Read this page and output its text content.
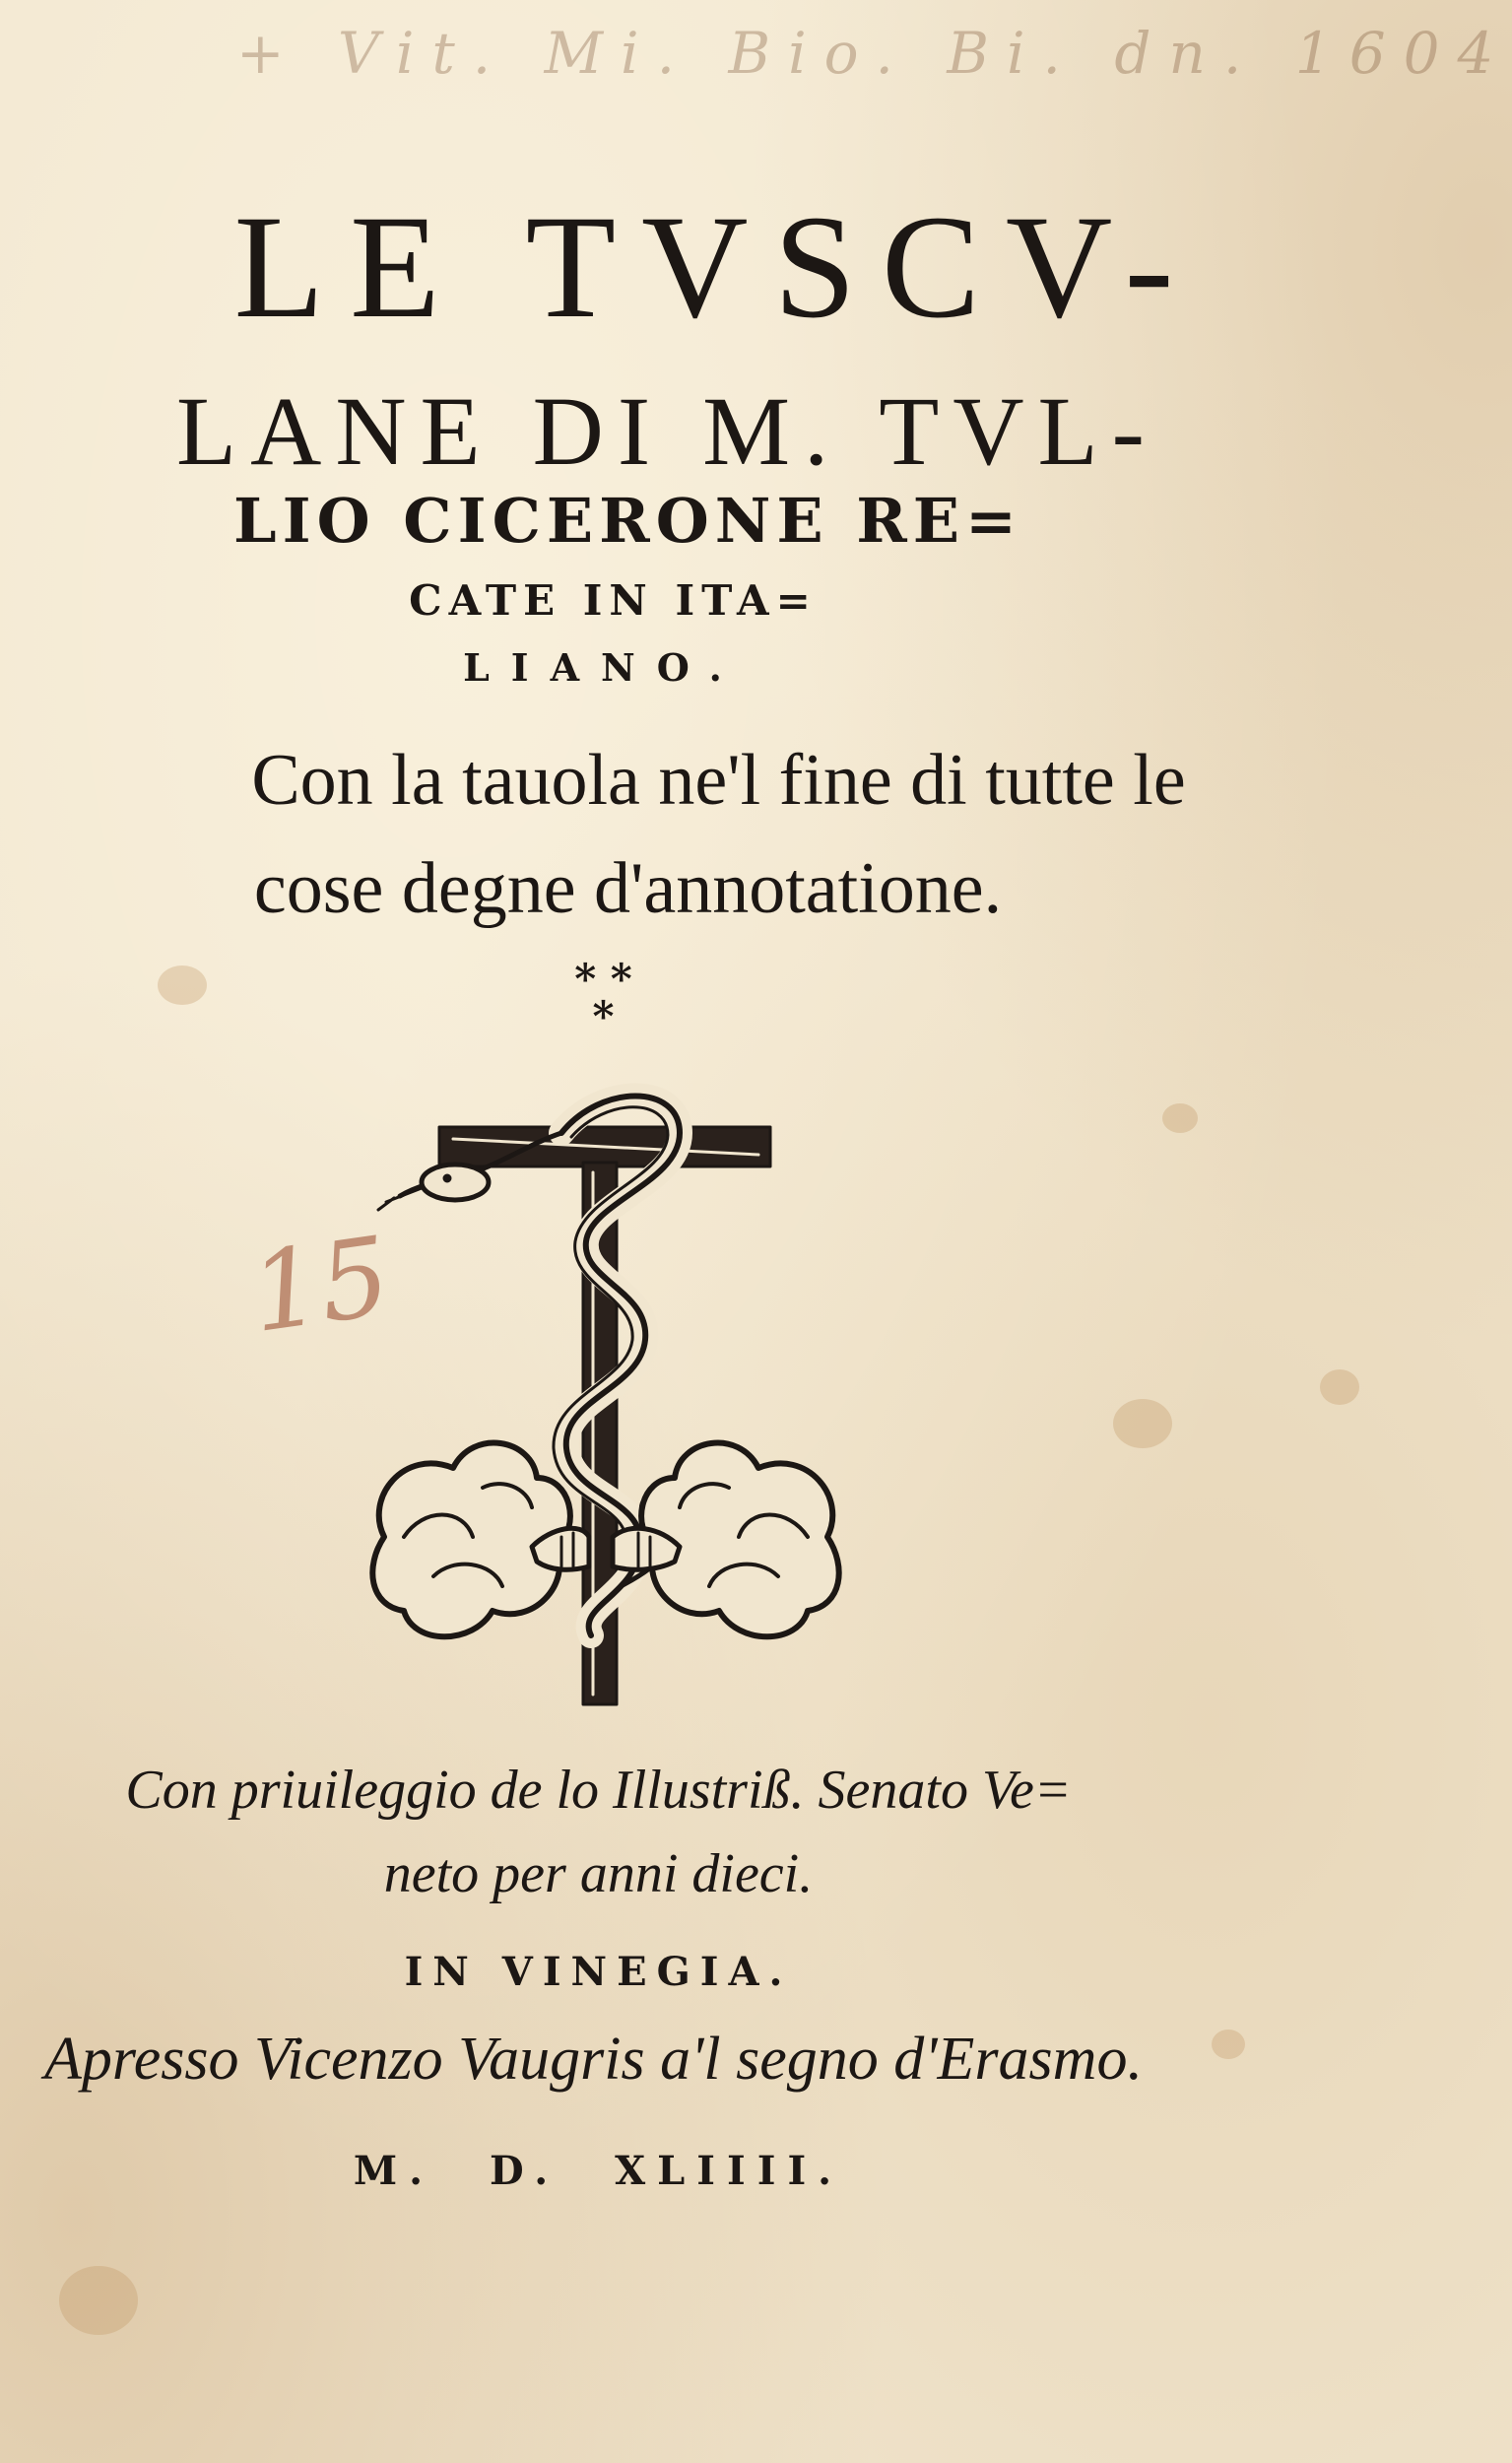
+ Vit. Mi. Bio. Bi. dn. 1604
15

LE TVSCV-

LANE DI M. TVL-

LIO CICERONE RE=

CATE IN ITA=

LIANO.

Con la tauola ne'l fine di tutte le

cose degne d'annotatione.

* *
*

Con priuileggio de lo Illustriß. Senato Ve=

neto per anni dieci.

IN VINEGIA.

Apresso Vicenzo Vaugris a'l segno d'Erasmo.

M. D. XLIIII.
